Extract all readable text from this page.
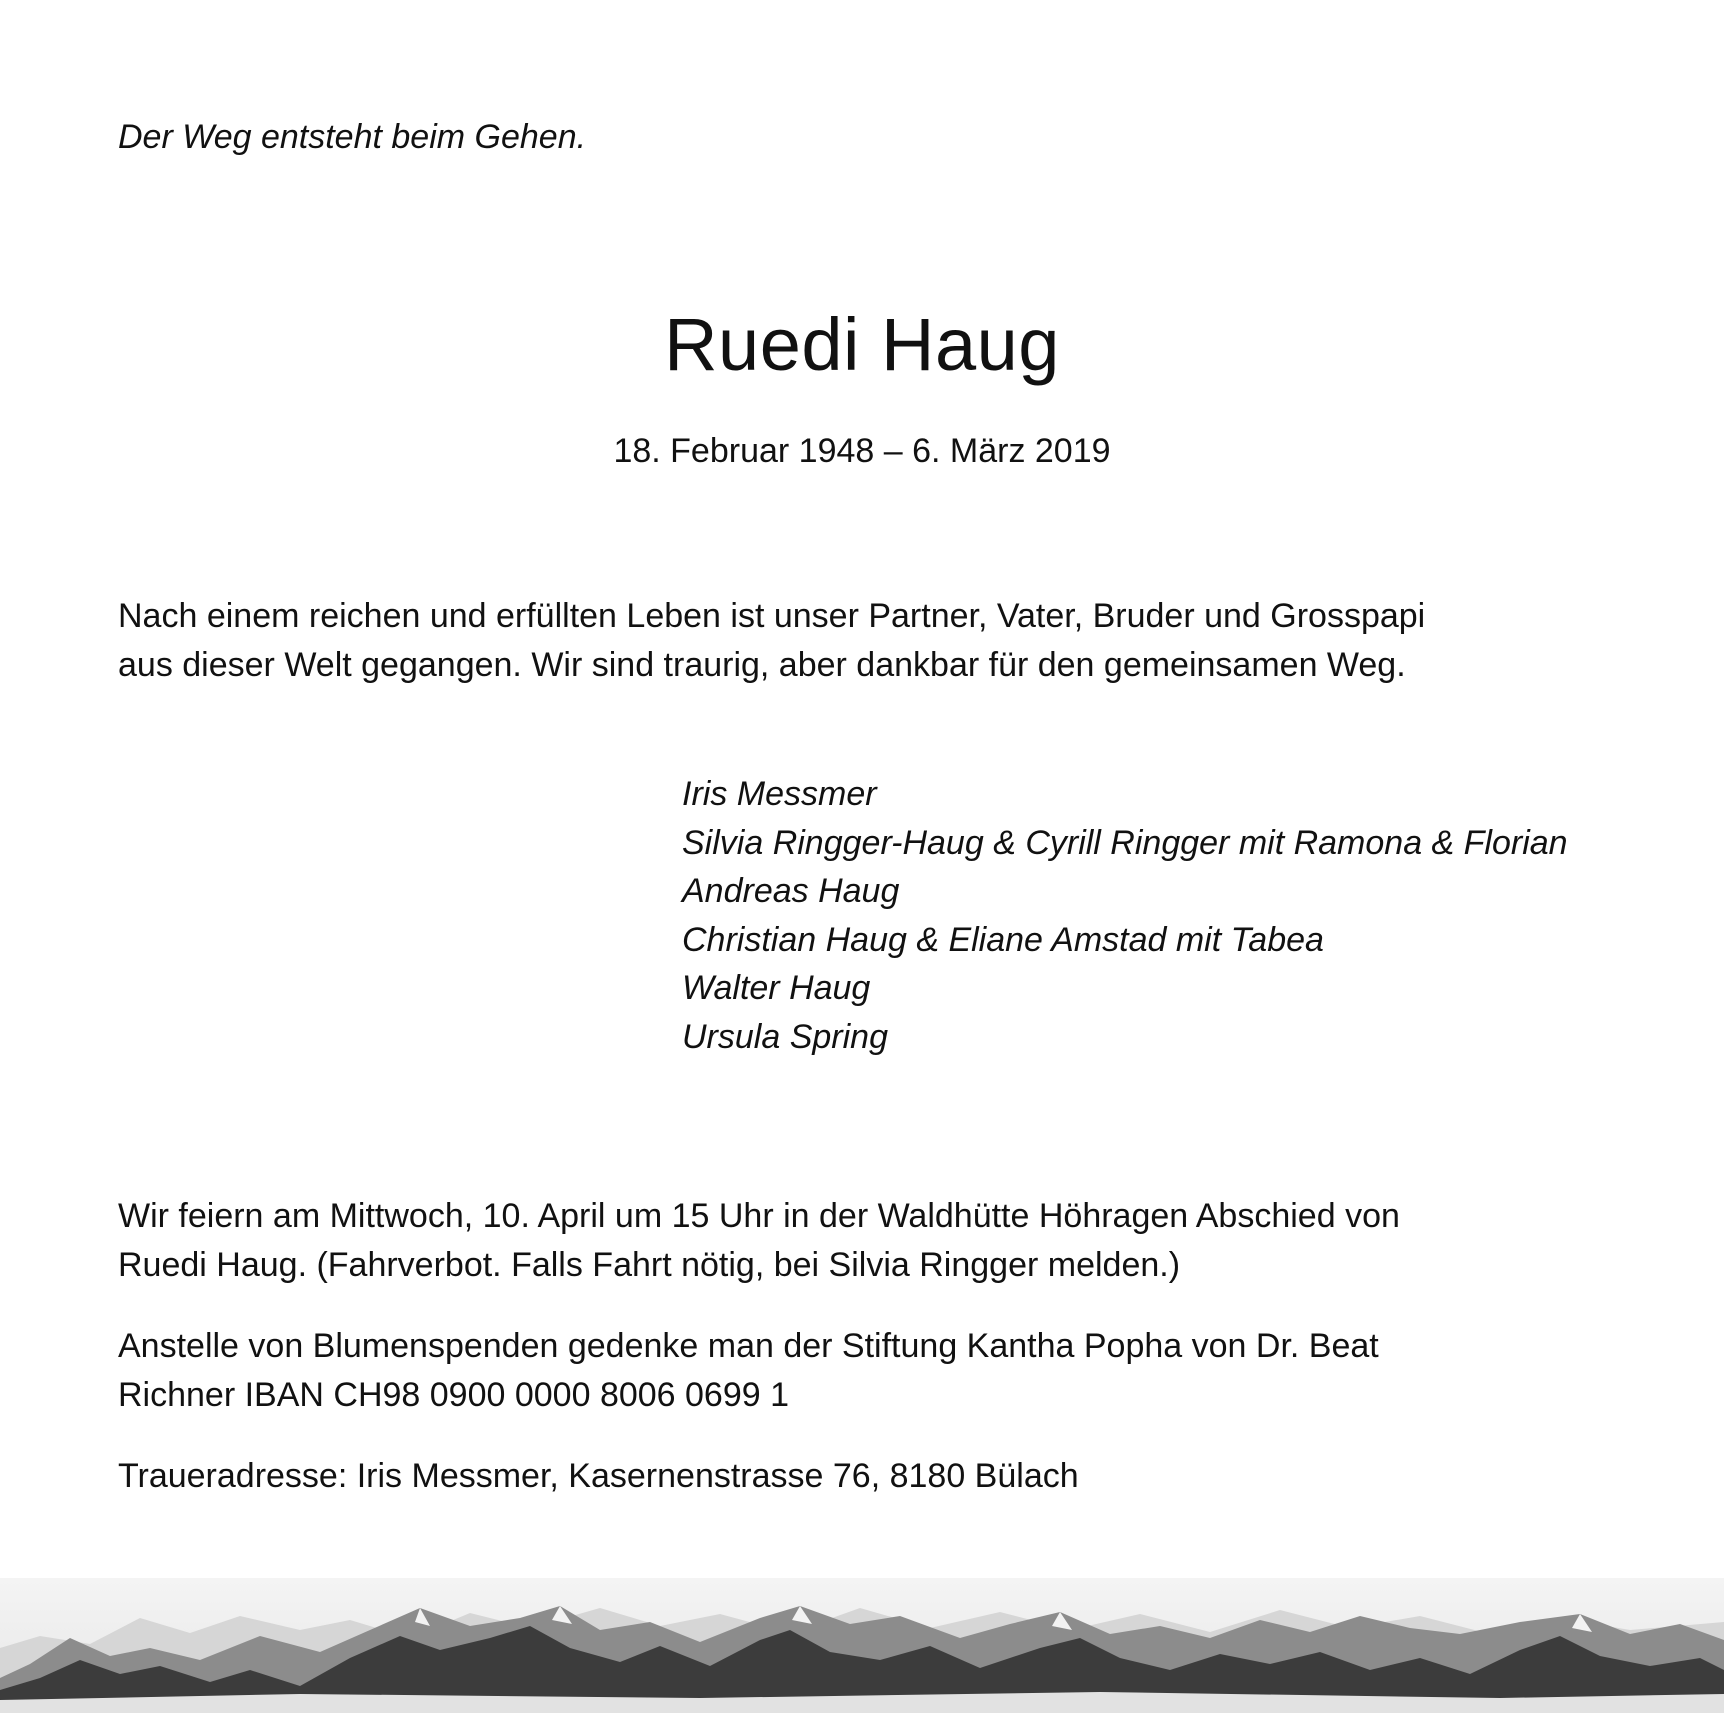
Der Weg entsteht beim Gehen.

Ruedi Haug

18. Februar 1948 – 6. März 2019

Nach einem reichen und erfüllten Leben ist unser Partner, Vater, Bruder und Grosspapi
aus dieser Welt gegangen. Wir sind traurig, aber dankbar für den gemeinsamen Weg.
Iris Messmer
Silvia Ringger-Haug & Cyrill Ringger mit Ramona & Florian
Andreas Haug
Christian Haug & Eliane Amstad mit Tabea
Walter Haug
Ursula Spring
Wir feiern am Mittwoch, 10. April um 15 Uhr in der Waldhütte Höhragen Abschied von
Ruedi Haug. (Fahrverbot. Falls Fahrt nötig, bei Silvia Ringger melden.)
Anstelle von Blumenspenden gedenke man der Stiftung Kantha Popha von Dr. Beat
Richner IBAN CH98 0900 0000 8006 0699 1
Traueradresse: Iris Messmer, Kasernenstrasse 76, 8180 Bülach
